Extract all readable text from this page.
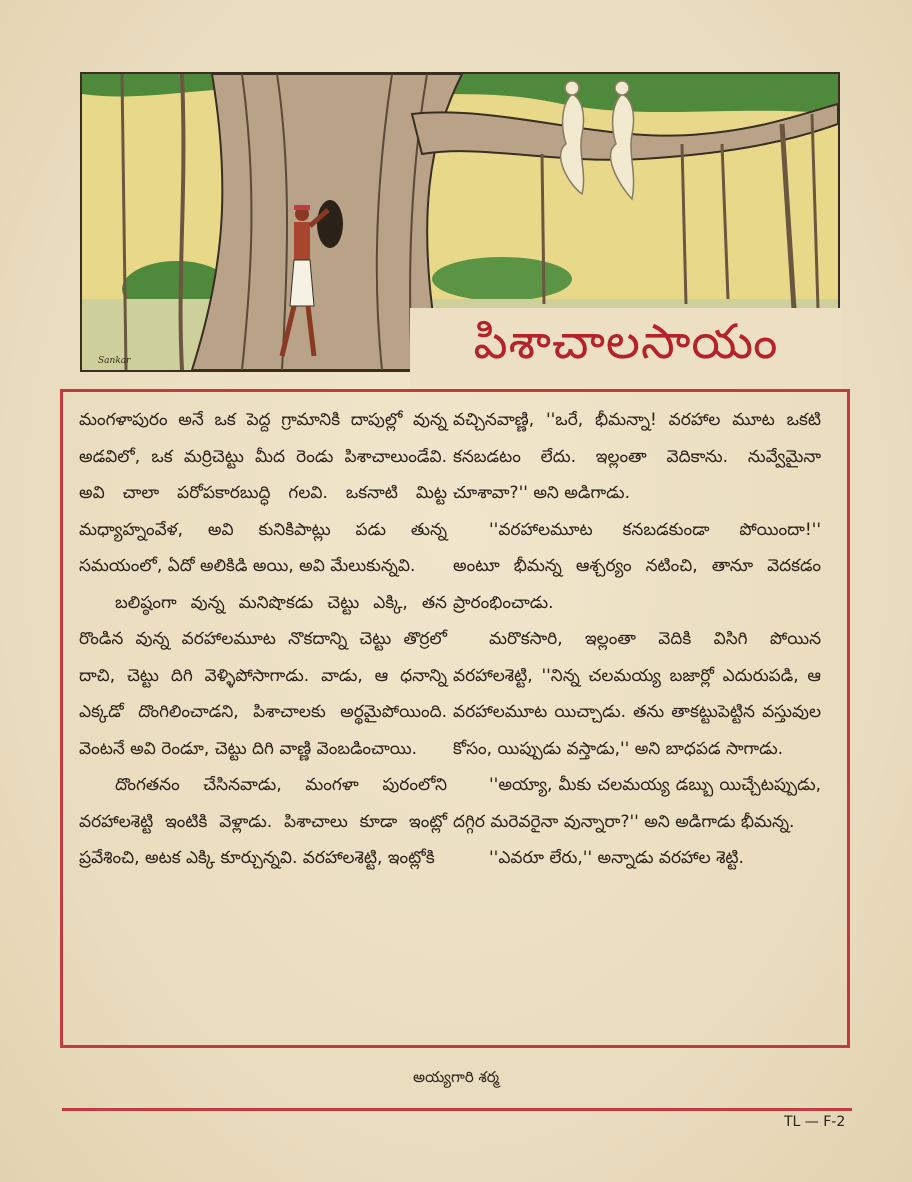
Sankar	పిశాచాలసాయం

మంగళాపురం అనే ఒక పెద్ద గ్రామానికి దాపుల్లో వున్న అడవిలో, ఒక మర్రిచెట్టు మీద రెండు పిశాచాలుండేవి. అవి చాలా పరోపకారబుద్ధి గలవి. ఒకనాటి మిట్ట మధ్యాహ్నంవేళ, అవి కునికిపాట్లు పడు తున్న సమయంలో, ఏదో అలికిడి అయి, అవి మేలుకున్నవి.

బలిష్ఠంగా వున్న మనిషొకడు చెట్టు ఎక్కి, తన రొండిన వున్న వరహాలమూట నొకదాన్ని చెట్టు తొర్రలో దాచి, చెట్టు దిగి వెళ్ళిపోసాగాడు. వాడు, ఆ ధనాన్ని ఎక్కడో దొంగిలించాడని, పిశాచాలకు అర్థమైపోయింది. వెంటనే అవి రెండూ, చెట్టు దిగి వాణ్ణి వెంబడించాయి.

దొంగతనం చేసినవాడు, మంగళా పురంలోని వరహాలశెట్టి ఇంటికి వెళ్లాడు. పిశాచాలు కూడా ఇంట్లో ప్రవేశించి, అటక ఎక్కి కూర్చున్నవి. వరహాలశెట్టి, ఇంట్లోకి

వచ్చినవాణ్ణి, ''ఒరే, భీమన్నా! వరహాల మూట ఒకటి కనబడటం లేదు. ఇల్లంతా వెదికాను. నువ్వేమైనా చూశావా?'' అని అడిగాడు.

''వరహాలమూట కనబడకుండా పోయిందా!'' అంటూ భీమన్న ఆశ్చర్యం నటించి, తానూ వెదకడం ప్రారంభించాడు.

మరొకసారి, ఇల్లంతా వెదికి విసిగి పోయిన వరహాలశెట్టి, ''నిన్న చలమయ్య బజార్లో ఎదురుపడి, ఆ వరహాలమూట యిచ్చాడు. తను తాకట్టుపెట్టిన వస్తువుల కోసం, యిప్పుడు వస్తాడు,'' అని బాధపడ సాగాడు.

''అయ్యా, మీకు చలమయ్య డబ్బు యిచ్చేటప్పుడు, దగ్గిర మరెవరైనా వున్నారా?'' అని అడిగాడు భీమన్న.

''ఎవరూ లేరు,'' అన్నాడు వరహాల శెట్టి.

అయ్యగారి శర్మ
TL — F-2
